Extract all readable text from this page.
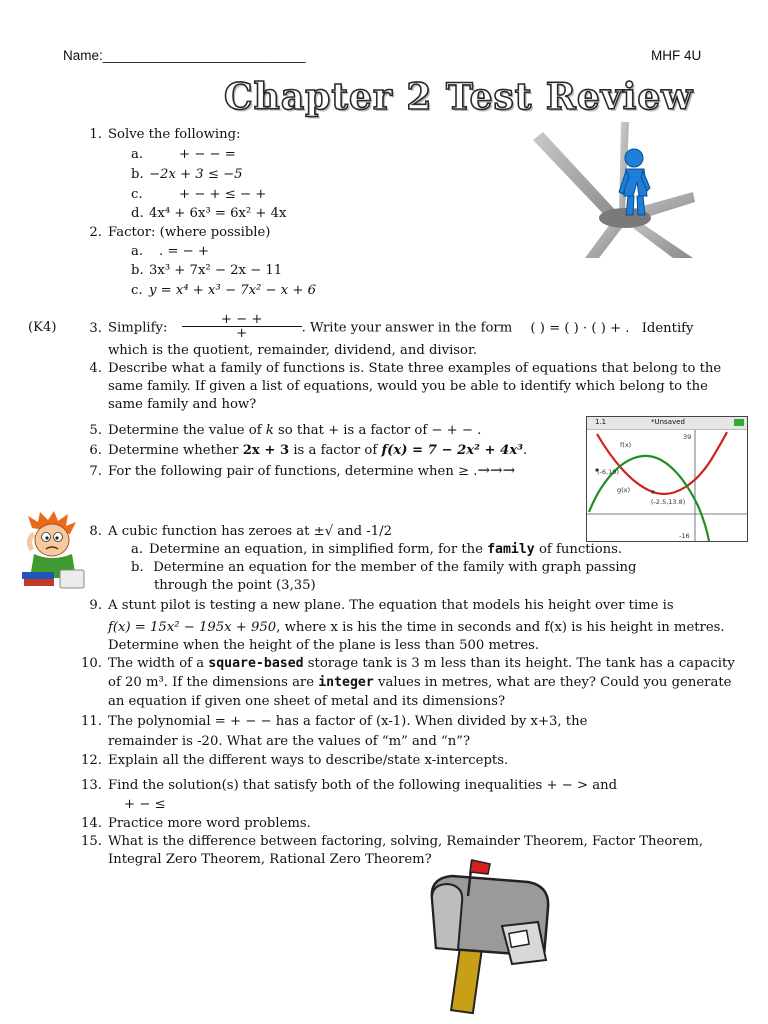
Name:___________________________	MHF 4U
Chapter 2 Test Review
1. Solve the following:
a.	+ − − =
b. −2x + 3 ≤ −5
c.	+ − + ≤ − +
d. 4x⁴ + 6x³ = 6x² + 4x
2. Factor: (where possible)
a. . = − +
b. 3x³ + 7x² − 2x − 11
c. y = x⁴ + x³ − 7x² − x + 6
(K4)	3. Simplify: $\frac{+ - +}{+}$ . Write your answer in the form ( ) = ( ) · ( ) + . Identify
which is the quotient, remainder, dividend, and divisor.
4. Describe what a family of functions is. State three examples of equations that belong to the
same family. If given a list of equations, would you be able to identify which belong to the
same family and how?
5. Determine the value of k so that + is a factor of − + − .
6. Determine whether 2x + 3 is a factor of f(x) = 7 − 2x² + 4x³.
7. For the following pair of functions, determine when ≥ .→→→
1.1	*Unsaved
f(x)
g(x)
39
-16
(-6,19)
(-2.5,13.8)
8. A cubic function has zeroes at ±√ and -1/2
a. Determine an equation, in simplified form, for the family of functions.
b. Determine an equation for the member of the family with graph passing
through the point (3,35)
9. A stunt pilot is testing a new plane. The equation that models his height over time is
f(x) = 15x² − 195x + 950, where x is his the time in seconds and f(x) is his height in metres.
Determine when the height of the plane is less than 500 metres.
10. The width of a square-based storage tank is 3 m less than its height. The tank has a capacity
of 20 m³. If the dimensions are integer values in metres, what are they? Could you generate
an equation if given one sheet of metal and its dimensions?
11. The polynomial = + − − has a factor of (x-1). When divided by x+3, the
remainder is -20. What are the values of “m” and “n”?
12. Explain all the different ways to describe/state x-intercepts.
13. Find the solution(s) that satisfy both of the following inequalities + − > and
+ − ≤
14. Practice more word problems.
15. What is the difference between factoring, solving, Remainder Theorem, Factor Theorem,
Integral Zero Theorem, Rational Zero Theorem?
